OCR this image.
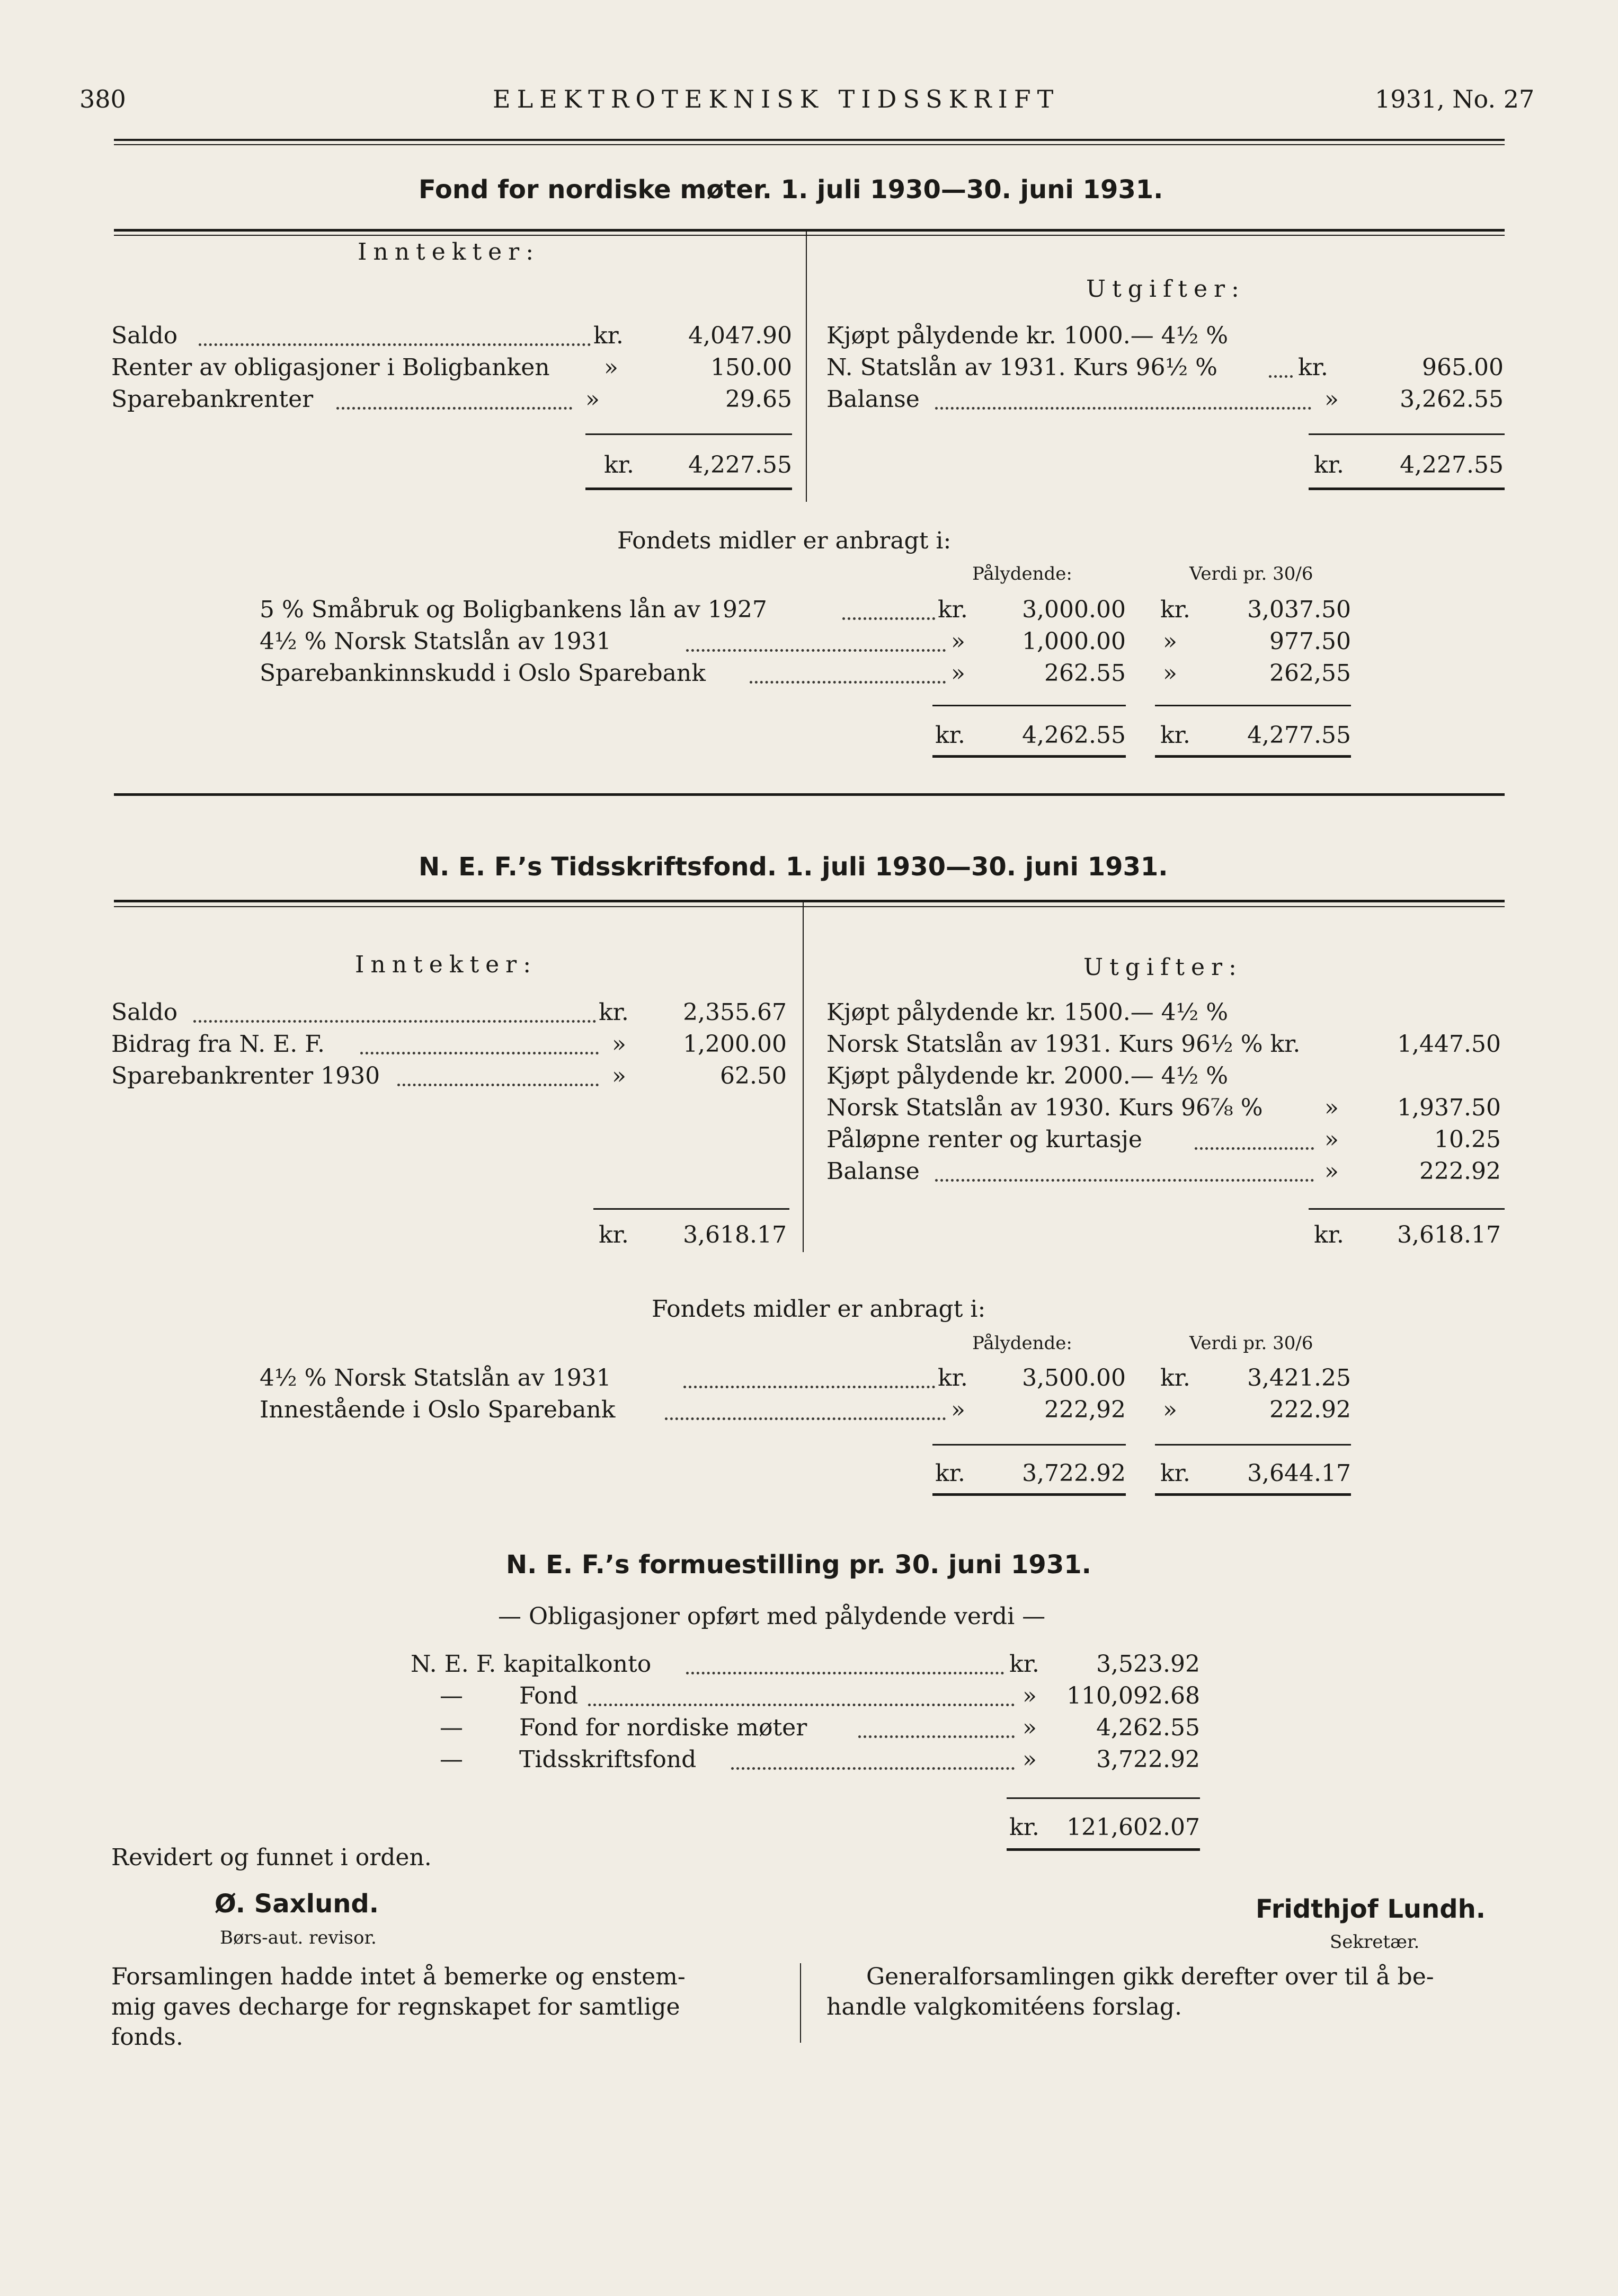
380	ELEKTROTEKNISK TIDSSKRIFT	1931, No. 27
Fond for nordiske møter. 1. juli 1930—30. juni 1931.
Inntekter:
Utgifter:
Saldo	kr.	4,047.90
Renter av obligasjoner i Boligbanken »	150.00
Sparebankrenter	»	29.65
kr.	4,227.55
Kjøpt pålydende kr. 1000.— 4½ %
N. Statslån av 1931. Kurs 96½ %	kr.	965.00
Balanse	»	3,262.55
kr.	4,227.55
Fondets midler er anbragt i:
Pålydende:	Verdi pr. 30/6
5 % Småbruk og Boligbankens lån av 1927	kr.	3,000.00 kr.	3,037.50
4½ % Norsk Statslån av 1931	»	1,000.00 »	977.50
Sparebankinnskudd i Oslo Sparebank	»	262.55 »	262,55
kr.	4,262.55 kr.	4,277.55
N. E. F.’s Tidsskriftsfond. 1. juli 1930—30. juni 1931.
Inntekter:	Utgifter:
Saldo	kr.	2,355.67
Bidrag fra N. E. F.	»	1,200.00
Sparebankrenter 1930	»	62.50
kr.	3,618.17
Kjøpt pålydende kr. 1500.— 4½ %
Norsk Statslån av 1931. Kurs 96½ % kr.	1,447.50
Kjøpt pålydende kr. 2000.— 4½ %
Norsk Statslån av 1930. Kurs 96⅞ %	»	1,937.50
Påløpne renter og kurtasje	»	10.25
Balanse	»	222.92
kr.	3,618.17
Fondets midler er anbragt i:
Pålydende:	Verdi pr. 30/6
4½ % Norsk Statslån av 1931	kr.	3,500.00 kr.	3,421.25
Innestående i Oslo Sparebank	»	222,92 »	222.92
kr.	3,722.92 kr.	3,644.17
N. E. F.’s formuestilling pr. 30. juni 1931.
— Obligasjoner opført med pålydende verdi —
N. E. F. kapitalkonto	kr.	3,523.92
— Fond	» 110,092.68
— Fond for nordiske møter	»	4,262.55
— Tidsskriftsfond	»	3,722.92
kr. 121,602.07
Revidert og funnet i orden.
Ø. Saxlund.
Børs-aut. revisor.
Fridthjof Lundh.
Sekretær.
Forsamlingen hadde intet å bemerke og enstem-
mig gaves decharge for regnskapet for samtlige
fonds.
Generalforsamlingen gikk derefter over til å be-
handle valgkomitéens forslag.
